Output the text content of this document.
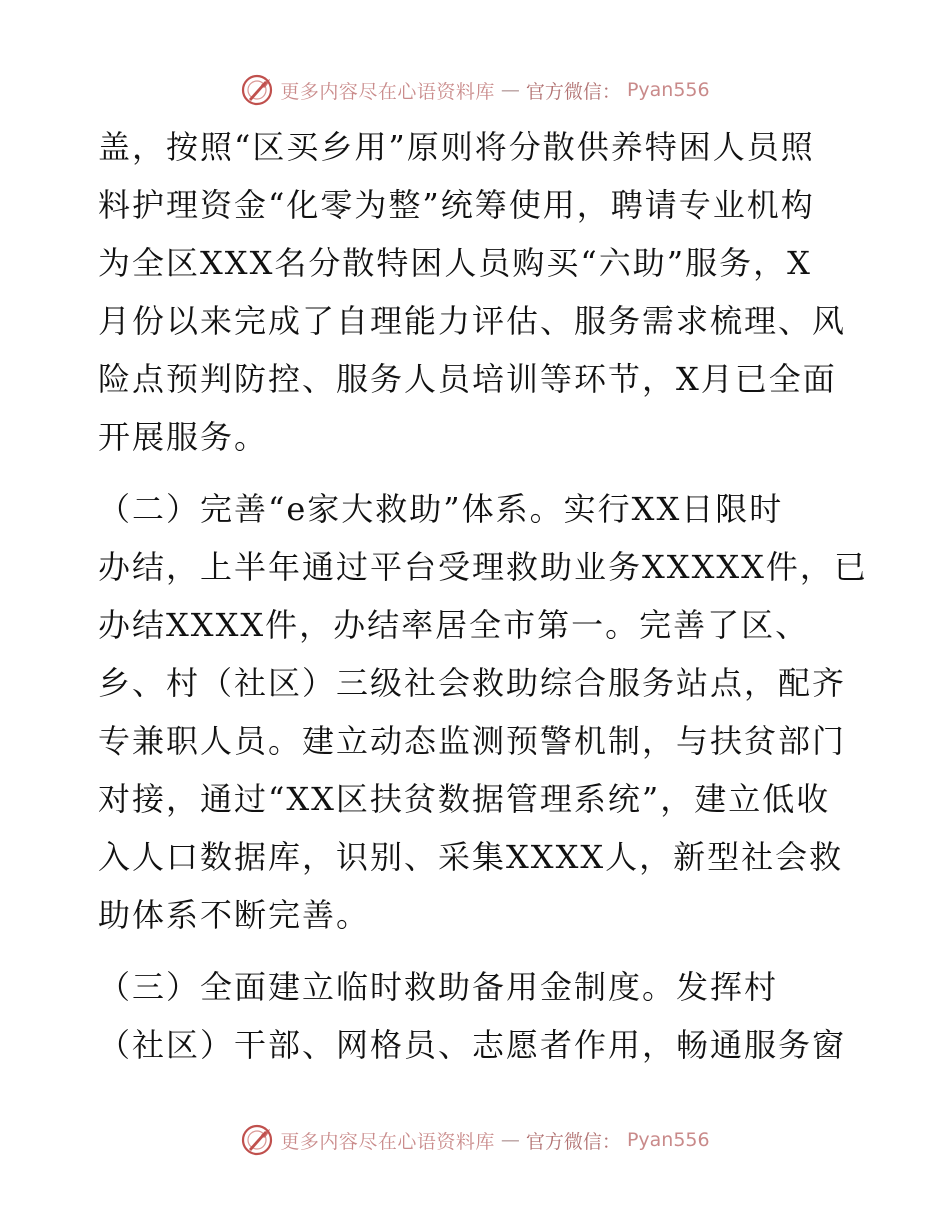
更多内容尽在心语资料库 — 官方微信： Pyan556
盖，按照“区买乡用”原则将分散供养特困人员照
料护理资金“化零为整”统筹使用，聘请专业机构
为全区XXX名分散特困人员购买“六助”服务，X
月份以来完成了自理能力评估、服务需求梳理、风
险点预判防控、服务人员培训等环节，X月已全面
开展服务。
（二）完善“e家大救助”体系。实行XX日限时
办结，上半年通过平台受理救助业务XXXXX件，已
办结XXXX件，办结率居全市第一。完善了区、
乡、村（社区）三级社会救助综合服务站点，配齐
专兼职人员。建立动态监测预警机制，与扶贫部门
对接，通过“XX区扶贫数据管理系统”，建立低收
入人口数据库，识别、采集XXXX人，新型社会救
助体系不断完善。
（三）全面建立临时救助备用金制度。发挥村
（社区）干部、网格员、志愿者作用，畅通服务窗
更多内容尽在心语资料库 — 官方微信： Pyan556
